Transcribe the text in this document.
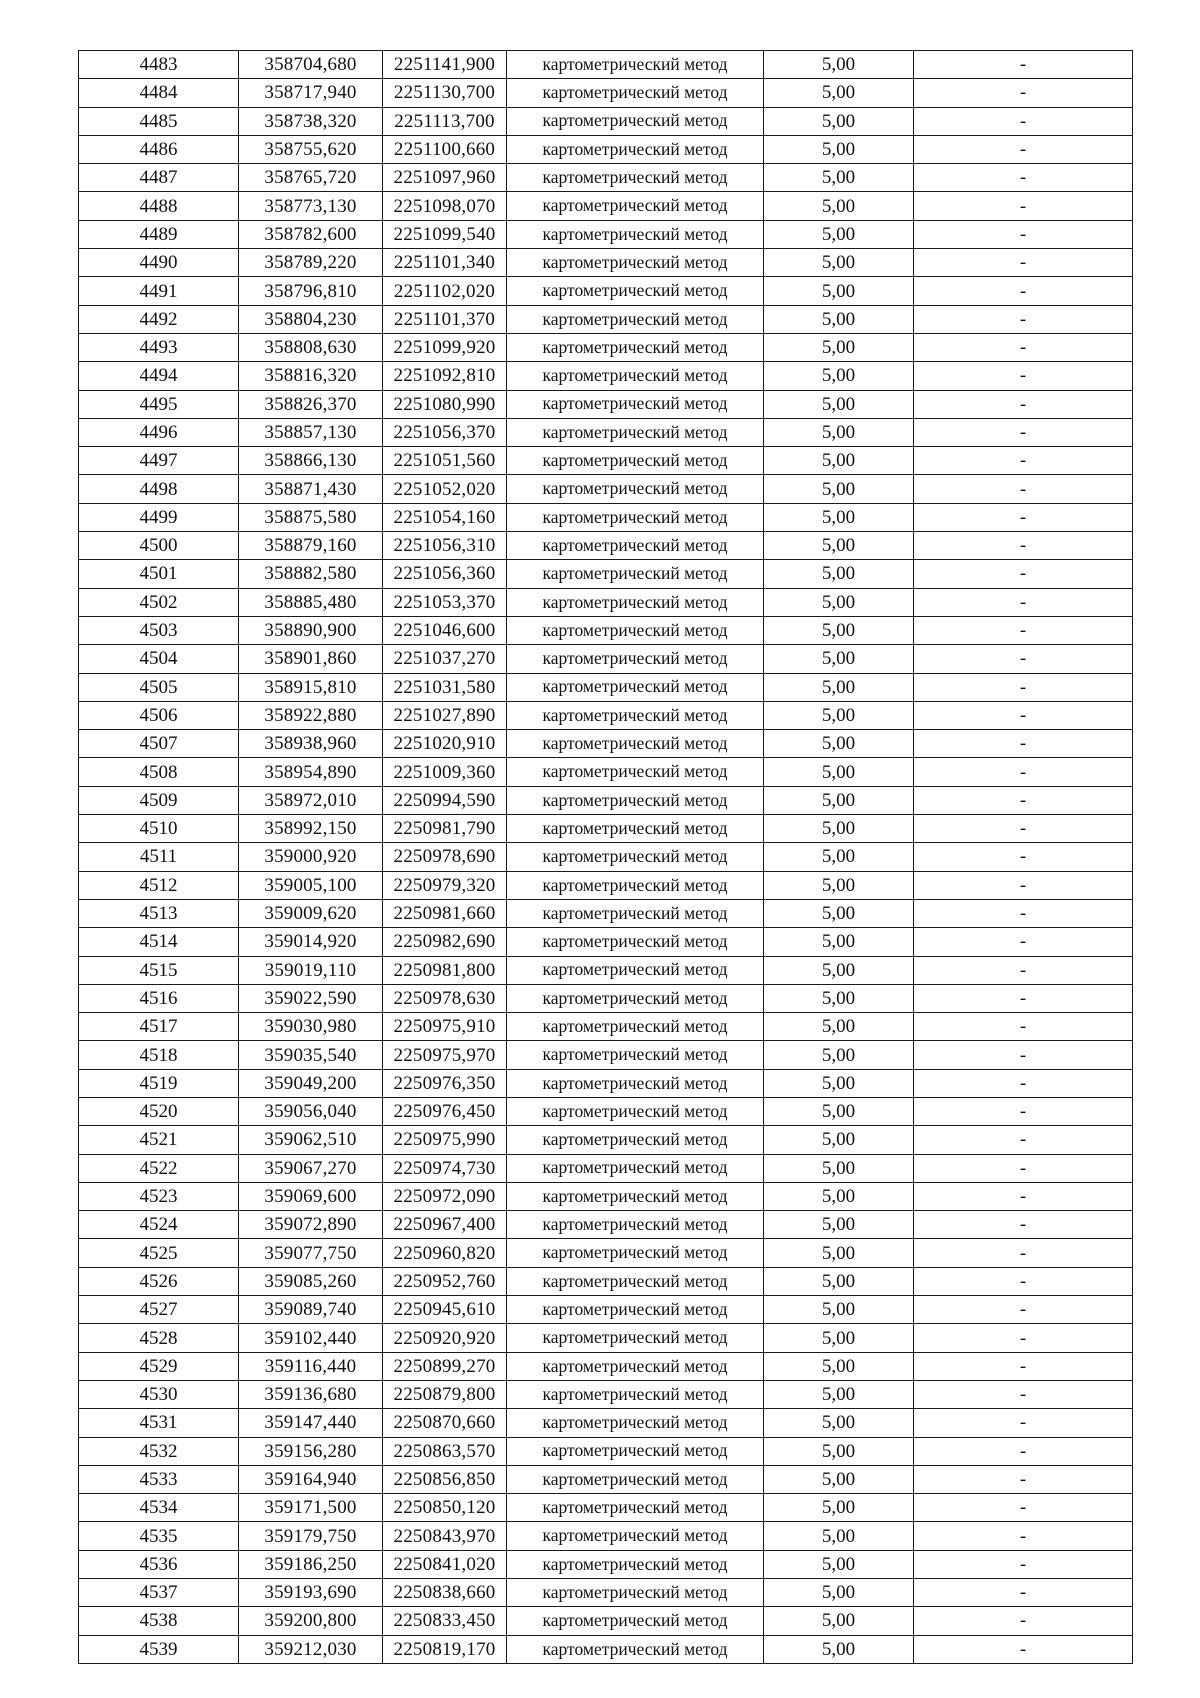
4483	358704,680	2251141,900	картометрический метод	5,00	-
4484	358717,940	2251130,700	картометрический метод	5,00	-
4485	358738,320	2251113,700	картометрический метод	5,00	-
4486	358755,620	2251100,660	картометрический метод	5,00	-
4487	358765,720	2251097,960	картометрический метод	5,00	-
4488	358773,130	2251098,070	картометрический метод	5,00	-
4489	358782,600	2251099,540	картометрический метод	5,00	-
4490	358789,220	2251101,340	картометрический метод	5,00	-
4491	358796,810	2251102,020	картометрический метод	5,00	-
4492	358804,230	2251101,370	картометрический метод	5,00	-
4493	358808,630	2251099,920	картометрический метод	5,00	-
4494	358816,320	2251092,810	картометрический метод	5,00	-
4495	358826,370	2251080,990	картометрический метод	5,00	-
4496	358857,130	2251056,370	картометрический метод	5,00	-
4497	358866,130	2251051,560	картометрический метод	5,00	-
4498	358871,430	2251052,020	картометрический метод	5,00	-
4499	358875,580	2251054,160	картометрический метод	5,00	-
4500	358879,160	2251056,310	картометрический метод	5,00	-
4501	358882,580	2251056,360	картометрический метод	5,00	-
4502	358885,480	2251053,370	картометрический метод	5,00	-
4503	358890,900	2251046,600	картометрический метод	5,00	-
4504	358901,860	2251037,270	картометрический метод	5,00	-
4505	358915,810	2251031,580	картометрический метод	5,00	-
4506	358922,880	2251027,890	картометрический метод	5,00	-
4507	358938,960	2251020,910	картометрический метод	5,00	-
4508	358954,890	2251009,360	картометрический метод	5,00	-
4509	358972,010	2250994,590	картометрический метод	5,00	-
4510	358992,150	2250981,790	картометрический метод	5,00	-
4511	359000,920	2250978,690	картометрический метод	5,00	-
4512	359005,100	2250979,320	картометрический метод	5,00	-
4513	359009,620	2250981,660	картометрический метод	5,00	-
4514	359014,920	2250982,690	картометрический метод	5,00	-
4515	359019,110	2250981,800	картометрический метод	5,00	-
4516	359022,590	2250978,630	картометрический метод	5,00	-
4517	359030,980	2250975,910	картометрический метод	5,00	-
4518	359035,540	2250975,970	картометрический метод	5,00	-
4519	359049,200	2250976,350	картометрический метод	5,00	-
4520	359056,040	2250976,450	картометрический метод	5,00	-
4521	359062,510	2250975,990	картометрический метод	5,00	-
4522	359067,270	2250974,730	картометрический метод	5,00	-
4523	359069,600	2250972,090	картометрический метод	5,00	-
4524	359072,890	2250967,400	картометрический метод	5,00	-
4525	359077,750	2250960,820	картометрический метод	5,00	-
4526	359085,260	2250952,760	картометрический метод	5,00	-
4527	359089,740	2250945,610	картометрический метод	5,00	-
4528	359102,440	2250920,920	картометрический метод	5,00	-
4529	359116,440	2250899,270	картометрический метод	5,00	-
4530	359136,680	2250879,800	картометрический метод	5,00	-
4531	359147,440	2250870,660	картометрический метод	5,00	-
4532	359156,280	2250863,570	картометрический метод	5,00	-
4533	359164,940	2250856,850	картометрический метод	5,00	-
4534	359171,500	2250850,120	картометрический метод	5,00	-
4535	359179,750	2250843,970	картометрический метод	5,00	-
4536	359186,250	2250841,020	картометрический метод	5,00	-
4537	359193,690	2250838,660	картометрический метод	5,00	-
4538	359200,800	2250833,450	картометрический метод	5,00	-
4539	359212,030	2250819,170	картометрический метод	5,00	-
